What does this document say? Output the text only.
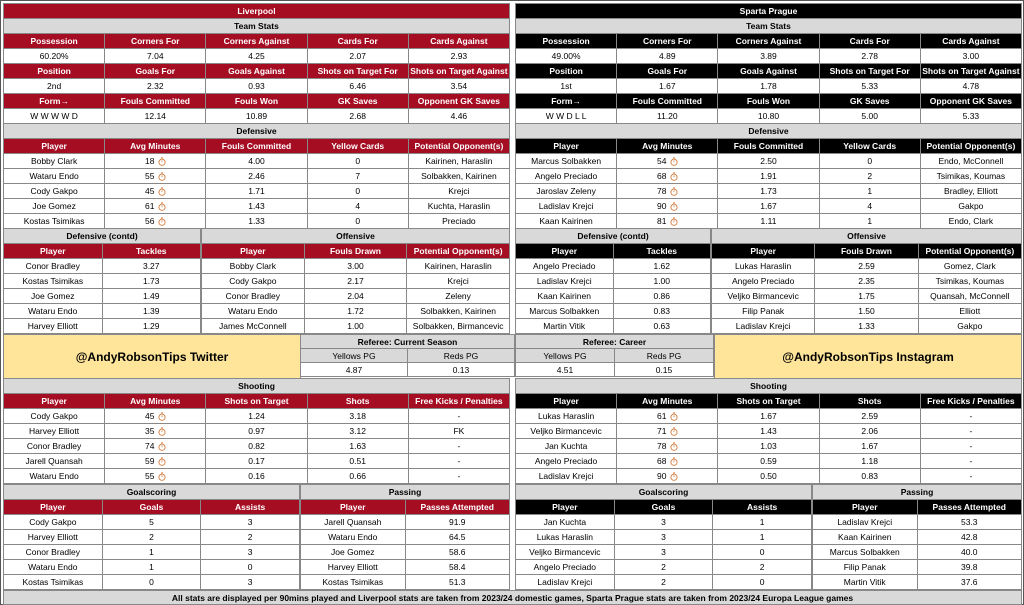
Liverpool
Team Stats
Possession	Corners For	Corners Against	Cards For	Cards Against
60.20%	7.04	4.25	2.07	2.93
Position	Goals For	Goals Against	Shots on Target For	Shots on Target Against
2nd	2.32	0.93	6.46	3.54
Form→	Fouls Committed	Fouls Won	GK Saves	Opponent GK Saves
W W W W D	12.14	10.89	2.68	4.46
Defensive
Player	Avg Minutes	Fouls Committed	Yellow Cards	Potential Opponent(s)
Bobby Clark	18	4.00	0	Kairinen, Haraslin
Wataru Endo	55	2.46	7	Solbakken, Kairinen
Cody Gakpo	45	1.71	0	Krejci
Joe Gomez	61	1.43	4	Kuchta, Haraslin
Kostas Tsimikas	56	1.33	0	Preciado
Defensive (contd)
Player	Tackles
Conor Bradley	3.27
Kostas Tsimikas	1.73
Joe Gomez	1.49
Wataru Endo	1.39
Harvey Elliott	1.29
Offensive
Player	Fouls Drawn	Potential Opponent(s)
Bobby Clark	3.00	Kairinen, Haraslin
Cody Gakpo	2.17	Krejci
Conor Bradley	2.04	Zeleny
Wataru Endo	1.72	Solbakken, Kairinen
James McConnell	1.00	Solbakken, Birmancevic
Shooting
Player	Avg Minutes	Shots on Target	Shots	Free Kicks / Penalties
Cody Gakpo	45	1.24	3.18	-
Harvey Elliott	35	0.97	3.12	FK
Conor Bradley	74	0.82	1.63	-
Jarell Quansah	59	0.17	0.51	-
Wataru Endo	55	0.16	0.66	-
Goalscoring
Player	Goals	Assists
Cody Gakpo	5	3
Harvey Elliott	2	2
Conor Bradley	1	3
Wataru Endo	1	0
Kostas Tsimikas	0	3
Passing
Player	Passes Attempted
Jarell Quansah	91.9
Wataru Endo	64.5
Joe Gomez	58.6
Harvey Elliott	58.4
Kostas Tsimikas	51.3
Sparta Prague
Team Stats
Possession	Corners For	Corners Against	Cards For	Cards Against
49.00%	4.89	3.89	2.78	3.00
Position	Goals For	Goals Against	Shots on Target For	Shots on Target Against
1st	1.67	1.78	5.33	4.78
Form→	Fouls Committed	Fouls Won	GK Saves	Opponent GK Saves
W W D L L	11.20	10.80	5.00	5.33
Defensive
Player	Avg Minutes	Fouls Committed	Yellow Cards	Potential Opponent(s)
Marcus Solbakken	54	2.50	0	Endo, McConnell
Angelo Preciado	68	1.91	2	Tsimikas, Koumas
Jaroslav Zeleny	78	1.73	1	Bradley, Elliott
Ladislav Krejci	90	1.67	4	Gakpo
Kaan Kairinen	81	1.11	1	Endo, Clark
Defensive (contd)
Player	Tackles
Angelo Preciado	1.62
Ladislav Krejci	1.00
Kaan Kairinen	0.86
Marcus Solbakken	0.83
Martin Vitik	0.63
Offensive
Player	Fouls Drawn	Potential Opponent(s)
Lukas Haraslin	2.59	Gomez, Clark
Angelo Preciado	2.35	Tsimikas, Koumas
Veljko Birmancevic	1.75	Quansah, McConnell
Filip Panak	1.50	Elliott
Ladislav Krejci	1.33	Gakpo
Shooting
Player	Avg Minutes	Shots on Target	Shots	Free Kicks / Penalties
Lukas Haraslin	61	1.67	2.59	-
Veljko Birmancevic	71	1.43	2.06	-
Jan Kuchta	78	1.03	1.67	-
Angelo Preciado	68	0.59	1.18	-
Ladislav Krejci	90	0.50	0.83	-
Goalscoring
Player	Goals	Assists
Jan Kuchta	3	1
Lukas Haraslin	3	1
Veljko Birmancevic	3	0
Angelo Preciado	2	2
Ladislav Krejci	2	0
Passing
Player	Passes Attempted
Ladislav Krejci	53.3
Kaan Kairinen	42.8
Marcus Solbakken	40.0
Filip Panak	39.8
Martin Vitik	37.6
@AndyRobsonTips Twitter	@AndyRobsonTips Instagram
Referee: Current Season
Yellows PG	Reds PG
4.87	0.13
Referee: Career
Yellows PG	Reds PG
4.51	0.15
All stats are displayed per 90mins played and Liverpool stats are taken from 2023/24 domestic games, Sparta Prague stats are taken from 2023/24 Europa League games
